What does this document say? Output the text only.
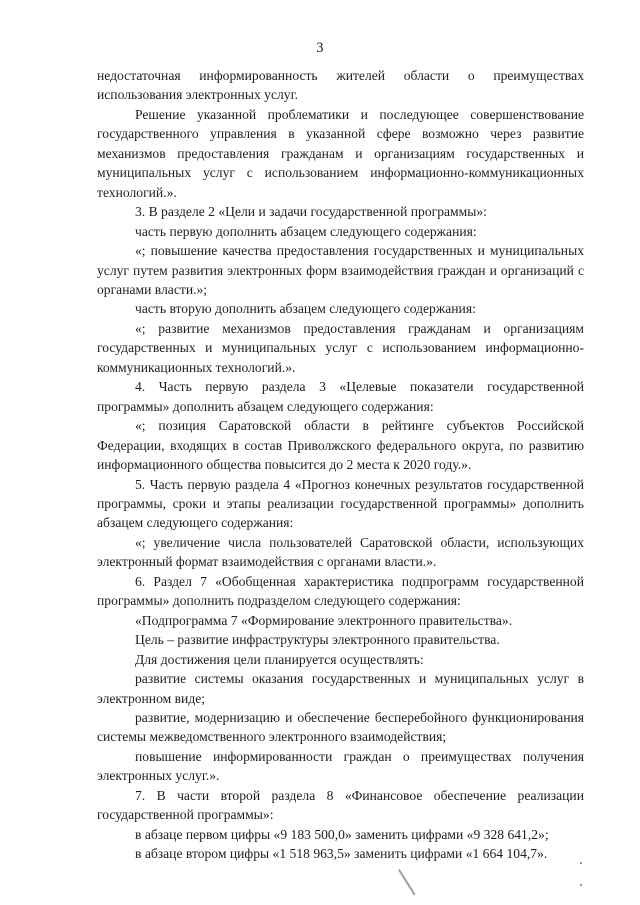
3

недостаточная информированность жителей области о преимуществах использования электронных услуг.

Решение указанной проблематики и последующее совершенствование государственного управления в указанной сфере возможно через развитие механизмов предоставления гражданам и организациям государственных и муниципальных услуг с использованием информационно-коммуникационных технологий.».

3. В разделе 2 «Цели и задачи государственной программы»:

часть первую дополнить абзацем следующего содержания:

«; повышение качества предоставления государственных и муниципальных услуг путем развития электронных форм взаимодействия граждан и организаций с органами власти.»;

часть вторую дополнить абзацем следующего содержания:

«; развитие механизмов предоставления гражданам и организациям государственных и муниципальных услуг с использованием информационно-коммуникационных технологий.».

4. Часть первую раздела 3 «Целевые показатели государственной программы» дополнить абзацем следующего содержания:

«; позиция Саратовской области в рейтинге субъектов Российской Федерации, входящих в состав Приволжского федерального округа, по развитию информационного общества повысится до 2 места к 2020 году.».

5. Часть первую раздела 4 «Прогноз конечных результатов государственной программы, сроки и этапы реализации государственной программы» дополнить абзацем следующего содержания:

«; увеличение числа пользователей Саратовской области, использующих электронный формат взаимодействия с органами власти.».

6. Раздел 7 «Обобщенная характеристика подпрограмм государственной программы» дополнить подразделом следующего содержания:

«Подпрограмма 7 «Формирование электронного правительства».

Цель – развитие инфраструктуры электронного правительства.

Для достижения цели планируется осуществлять:

развитие системы оказания государственных и муниципальных услуг в электронном виде;

развитие, модернизацию и обеспечение бесперебойного функционирования системы межведомственного электронного взаимодействия;

повышение информированности граждан о преимуществах получения электронных услуг.».

7. В части второй раздела 8 «Финансовое обеспечение реализации государственной программы»:

в абзаце первом цифры «9 183 500,0» заменить цифрами «9 328 641,2»;

в абзаце втором цифры «1 518 963,5» заменить цифрами «1 664 104,7».
